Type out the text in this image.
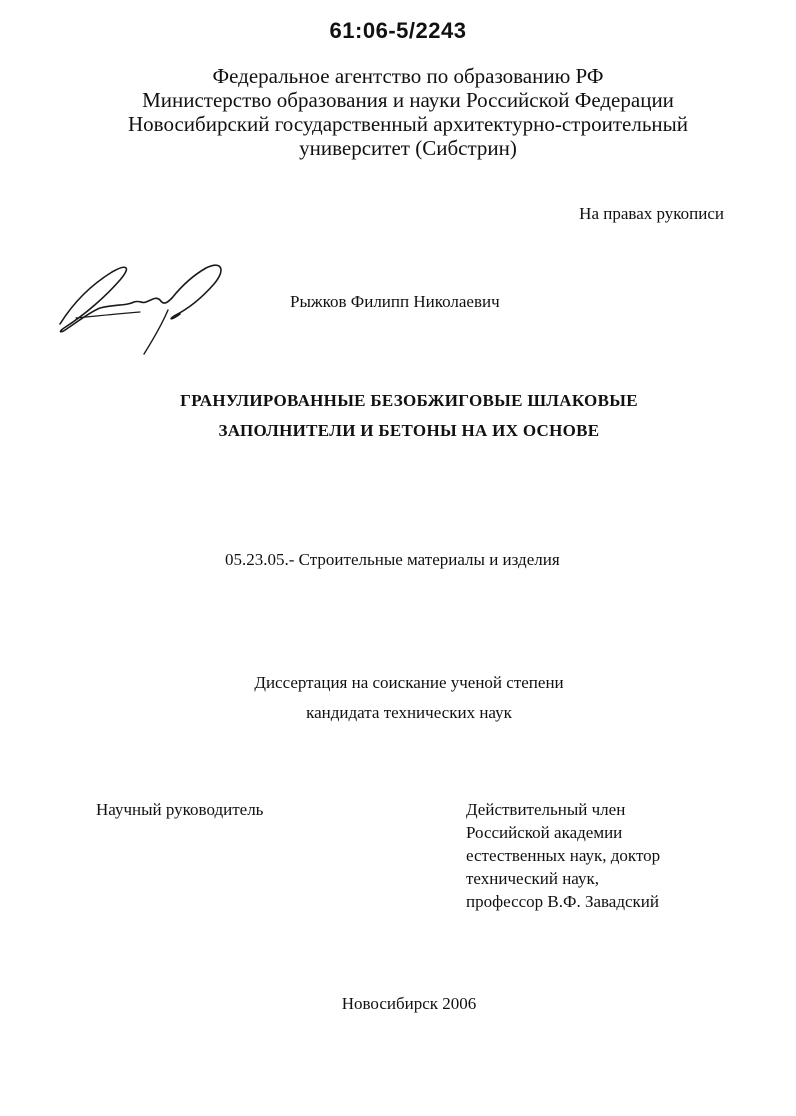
61:06-5/2243
Федеральное агентство по образованию РФ
Министерство образования и науки Российской Федерации
Новосибирский государственный архитектурно-строительный
университет (Сибстрин)
На правах рукописи
Рыжков Филипп Николаевич
ГРАНУЛИРОВАННЫЕ БЕЗОБЖИГОВЫЕ ШЛАКОВЫЕ
ЗАПОЛНИТЕЛИ И БЕТОНЫ НА ИХ ОСНОВЕ
05.23.05.- Строительные материалы и изделия
Диссертация на соискание ученой степени
кандидата технических наук
Научный руководитель	Действительный член
Российской академии
естественных наук, доктор
технический наук,
профессор В.Ф. Завадский
Новосибирск 2006
